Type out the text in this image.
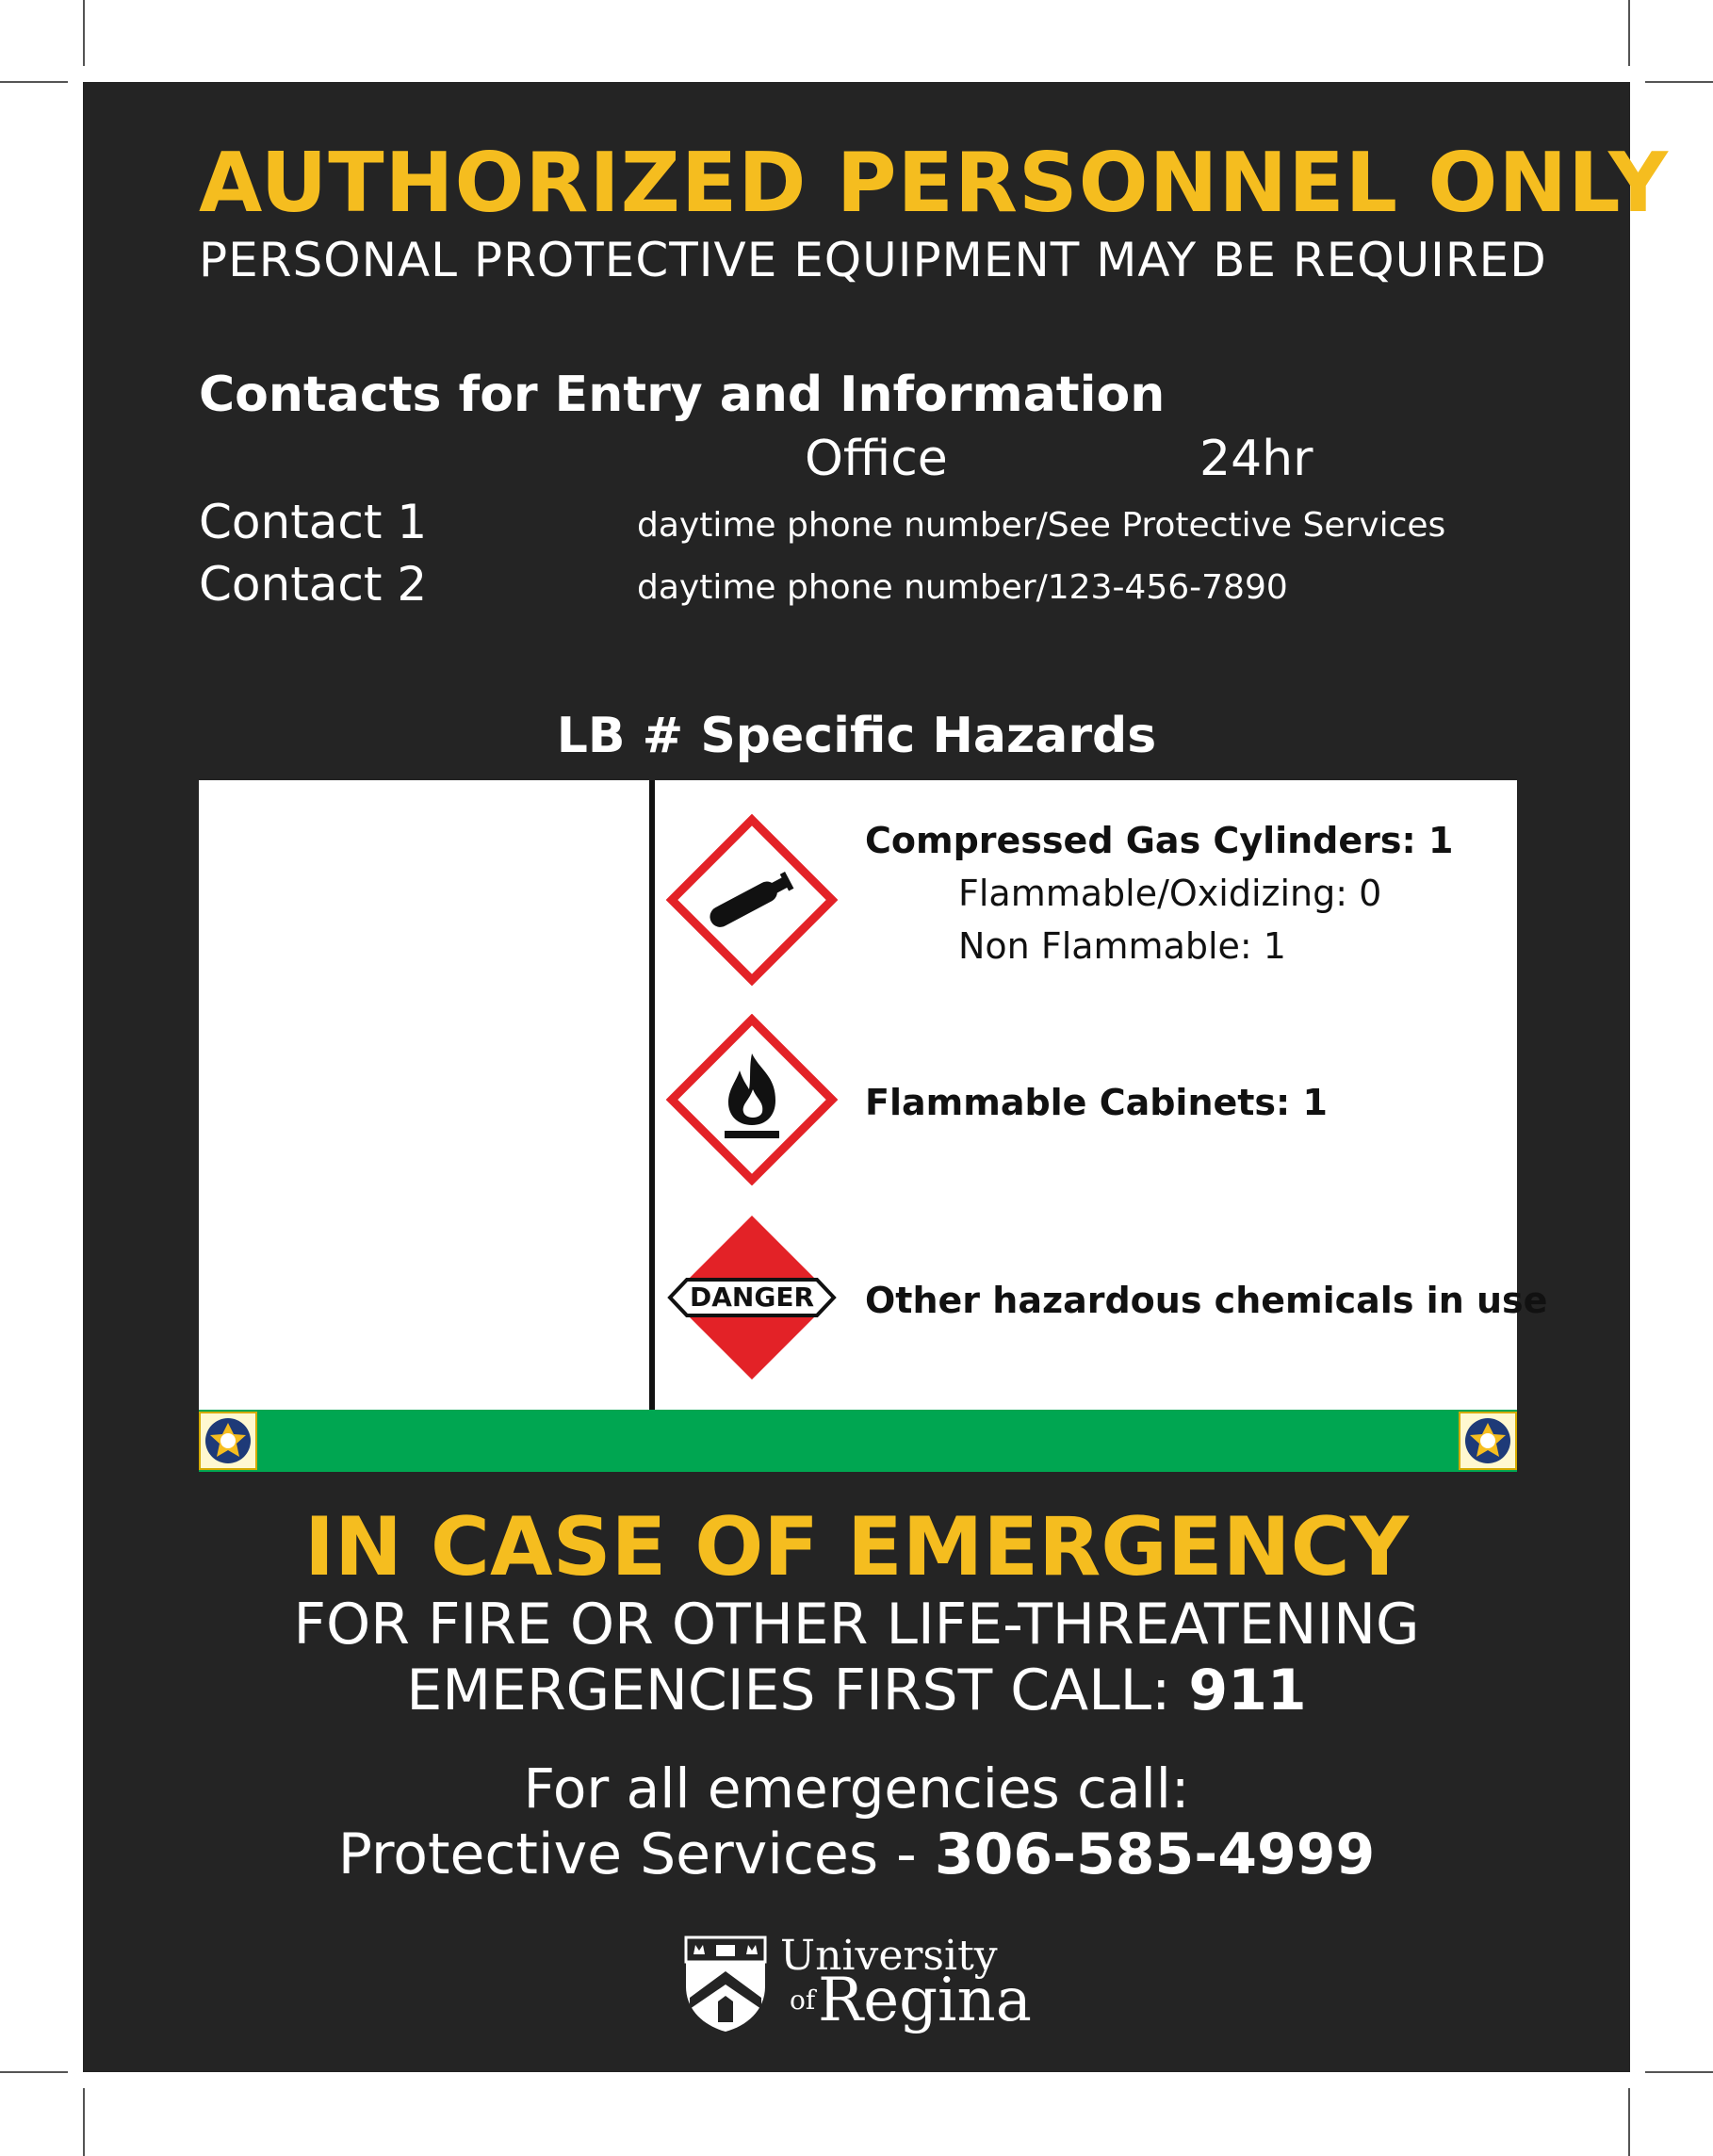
AUTHORIZED PERSONNEL ONLY
PERSONAL PROTECTIVE EQUIPMENT MAY BE REQUIRED
Contacts for Entry and Information
Office	24hr
Contact 1	daytime phone number/See Protective Services
Contact 2	daytime phone number/123-456-7890
LB # Specific Hazards
Compressed Gas Cylinders: 1
Flammable/Oxidizing: 0
Non Flammable: 1
Flammable Cabinets: 1
DANGER	Other hazardous chemicals in use
IN CASE OF EMERGENCY
FOR FIRE OR OTHER LIFE-THREATENING
EMERGENCIES FIRST CALL: 911
For all emergencies call:
Protective Services - 306-585-4999
University
of Regina
